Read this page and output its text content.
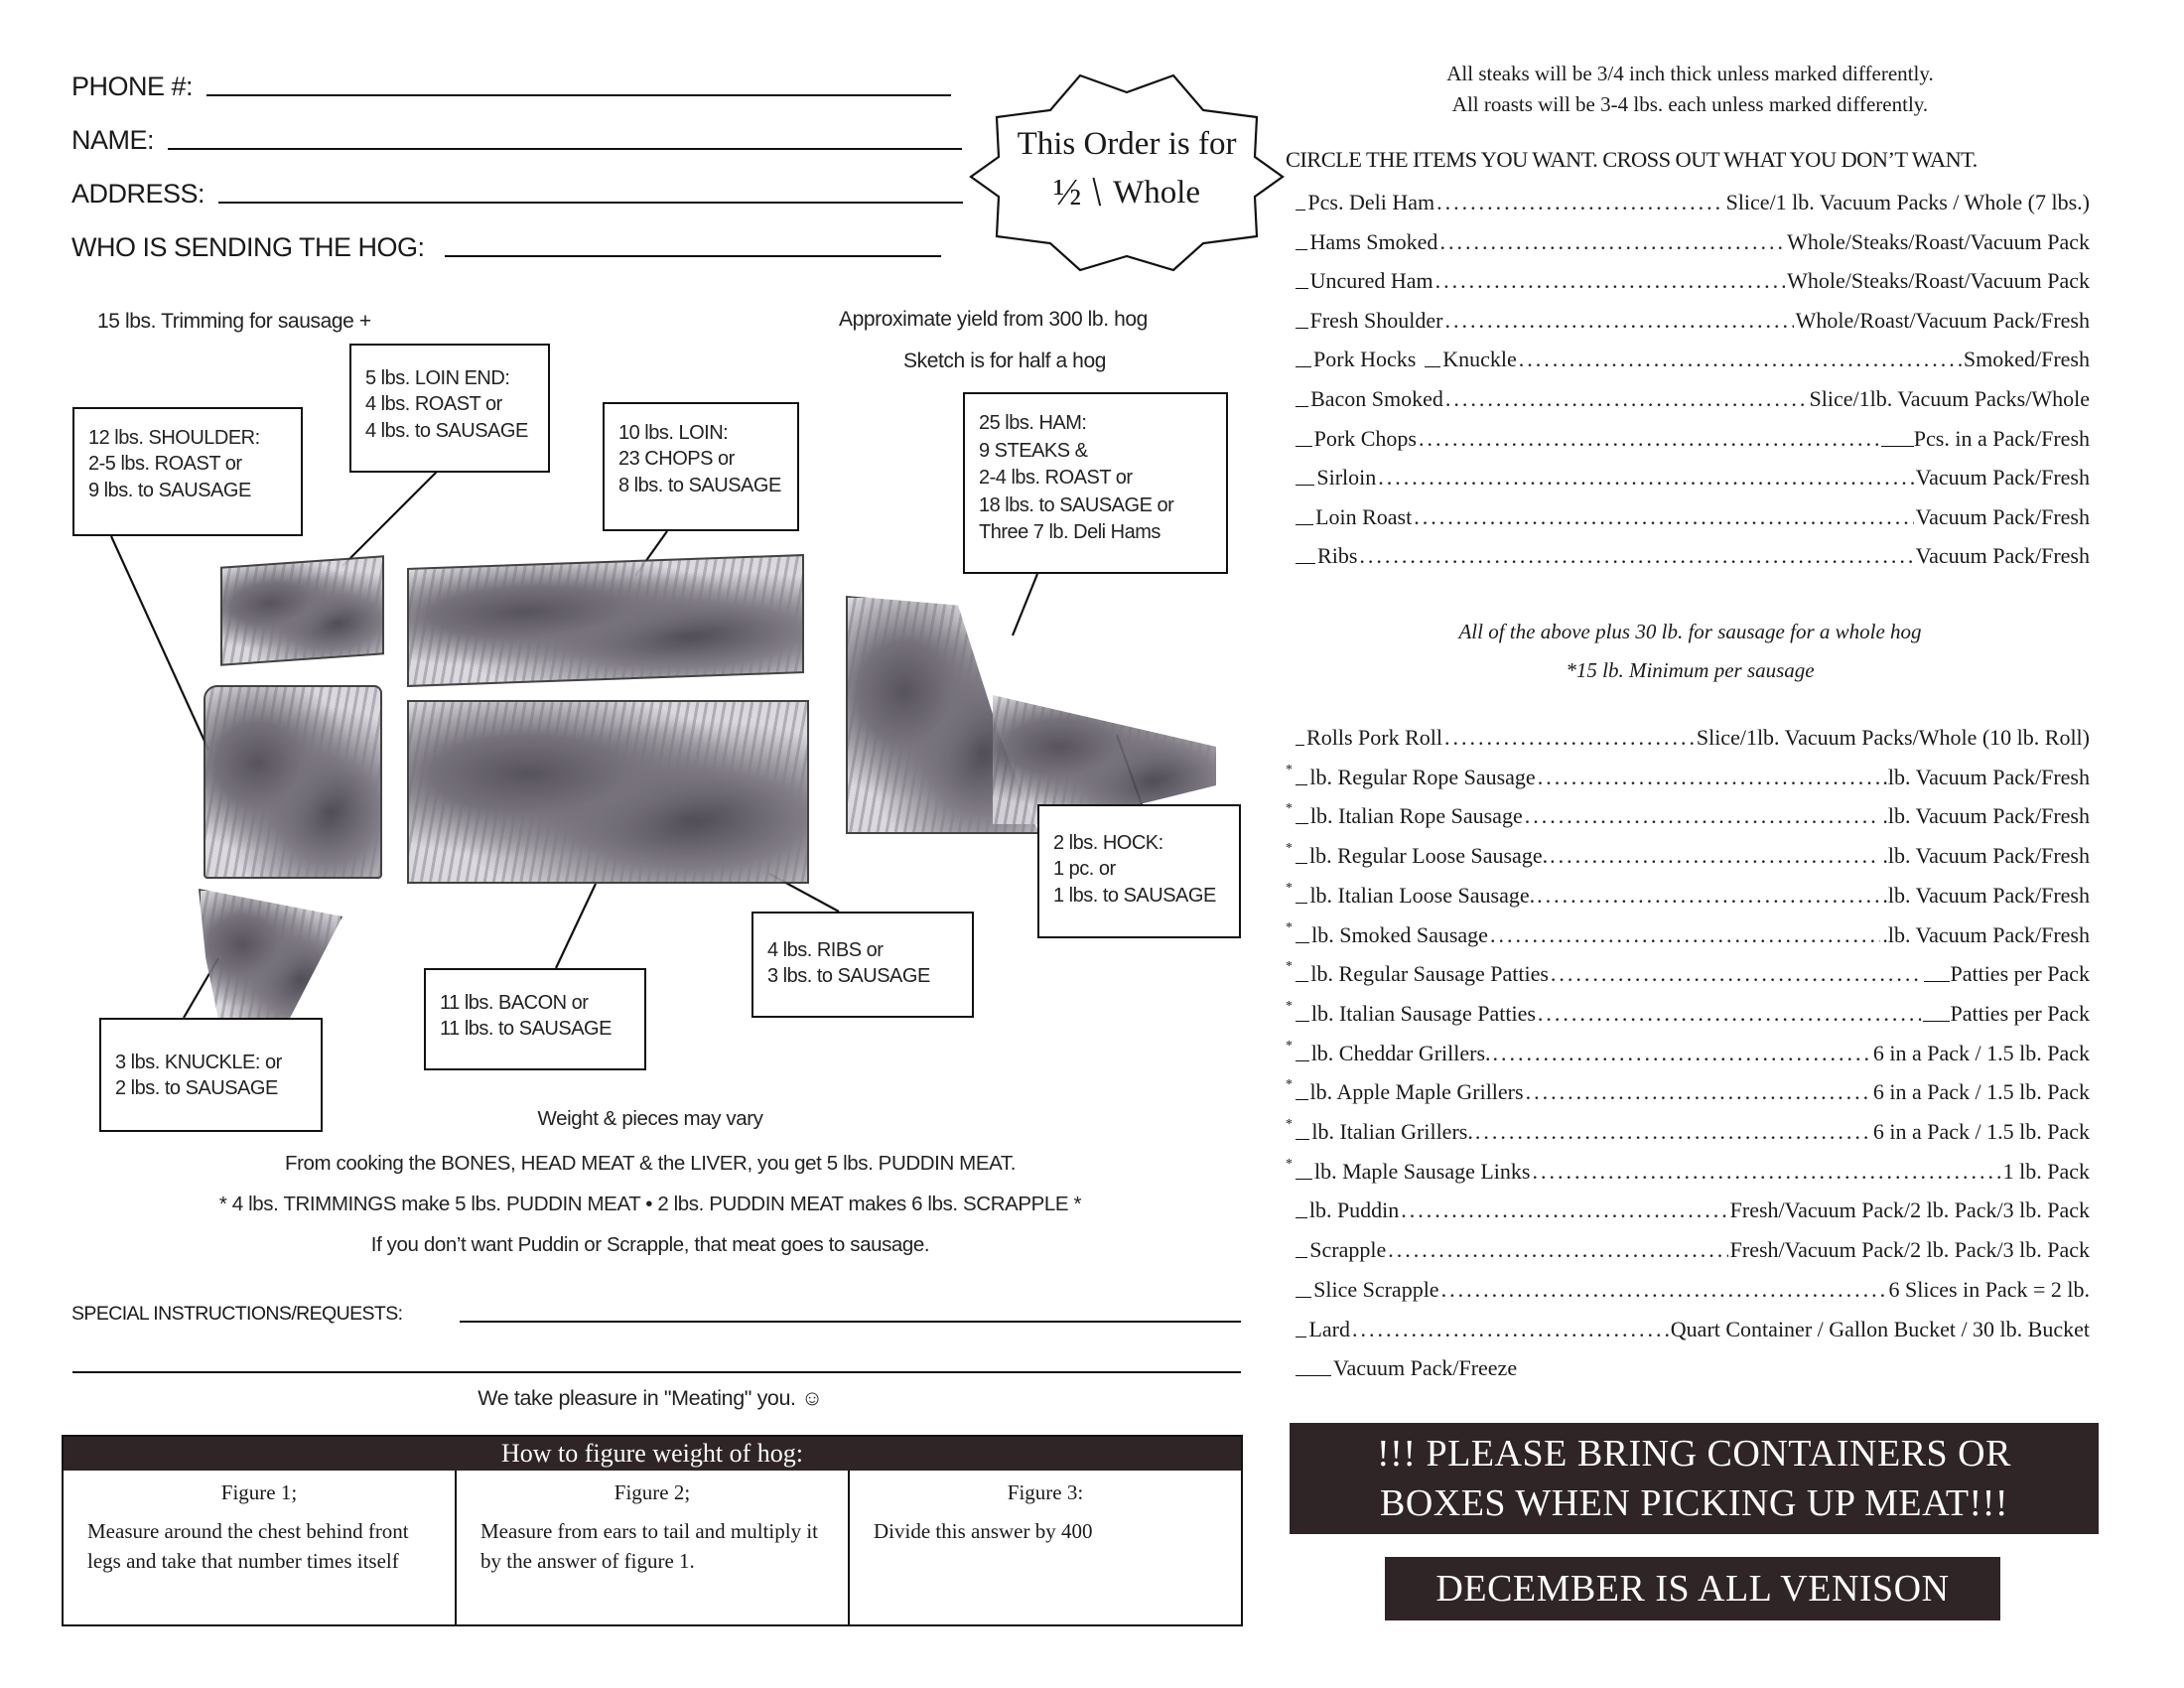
PHONE #:
NAME:
ADDRESS:
WHO IS SENDING THE HOG:
This Order is for
½ \ Whole
All steaks will be 3/4 inch thick unless marked differently.
All roasts will be 3-4 lbs. each unless marked differently.
CIRCLE THE ITEMS YOU WANT. CROSS OUT WHAT YOU DON’T WANT.
Pcs. Deli Ham .....	Slice/1 lb. Vacuum Packs / Whole (7 lbs.)
Hams Smoked .....	Whole/Steaks/Roast/Vacuum Pack
Uncured Ham .....	Whole/Steaks/Roast/Vacuum Pack
Fresh Shoulder .....	Whole/Roast/Vacuum Pack/Fresh
Pork Hocks Knuckle .....	Smoked/Fresh
Bacon Smoked .....	Slice/1lb. Vacuum Packs/Whole
Pork Chops .....	Pcs. in a Pack/Fresh
Sirloin .....	Vacuum Pack/Fresh
Loin Roast .....	Vacuum Pack/Fresh
Ribs .....	Vacuum Pack/Fresh
All of the above plus 30 lb. for sausage for a whole hog
*15 lb. Minimum per sausage
Rolls Pork Roll .....	Slice/1lb. Vacuum Packs/Whole (10 lb. Roll)
* lb. Regular Rope Sausage .....	.lb. Vacuum Pack/Fresh
* lb. Italian Rope Sausage .....	.lb. Vacuum Pack/Fresh
* lb. Regular Loose Sausage. .....	.lb. Vacuum Pack/Fresh
* lb. Italian Loose Sausage. .....	.lb. Vacuum Pack/Fresh
* lb. Smoked Sausage .....	.lb. Vacuum Pack/Fresh
* lb. Regular Sausage Patties .....	Patties per Pack
* lb. Italian Sausage Patties .....	Patties per Pack
* lb. Cheddar Grillers. .....	6 in a Pack / 1.5 lb. Pack
* lb. Apple Maple Grillers .....	6 in a Pack / 1.5 lb. Pack
* lb. Italian Grillers. .....	6 in a Pack / 1.5 lb. Pack
* lb. Maple Sausage Links .....	1 lb. Pack
lb. Puddin .....	Fresh/Vacuum Pack/2 lb. Pack/3 lb. Pack
Scrapple .....	Fresh/Vacuum Pack/2 lb. Pack/3 lb. Pack
Slice Scrapple .....	6 Slices in Pack = 2 lb.
Lard .....	Quart Container / Gallon Bucket / 30 lb. Bucket
Vacuum Pack/Freeze
!!! PLEASE BRING CONTAINERS OR
BOXES WHEN PICKING UP MEAT!!!
DECEMBER IS ALL VENISON
15 lbs. Trimming for sausage +	Approximate yield from 300 lb. hog
Sketch is for half a hog
12 lbs. SHOULDER:
2-5 lbs. ROAST or
9 lbs. to SAUSAGE
5 lbs. LOIN END:
4 lbs. ROAST or
4 lbs. to SAUSAGE	10 lbs. LOIN:
23 CHOPS or
8 lbs. to SAUSAGE
25 lbs. HAM:
9 STEAKS &
2-4 lbs. ROAST or
18 lbs. to SAUSAGE or
Three 7 lb. Deli Hams
2 lbs. HOCK:
1 pc. or
1 lbs. to SAUSAGE
4 lbs. RIBS or
3 lbs. to SAUSAGE
11 lbs. BACON or
11 lbs. to SAUSAGE
3 lbs. KNUCKLE: or
2 lbs. to SAUSAGE
Weight & pieces may vary
From cooking the BONES, HEAD MEAT & the LIVER, you get 5 lbs. PUDDIN MEAT.
* 4 lbs. TRIMMINGS make 5 lbs. PUDDIN MEAT • 2 lbs. PUDDIN MEAT makes 6 lbs. SCRAPPLE *
If you don’t want Puddin or Scrapple, that meat goes to sausage.
SPECIAL INSTRUCTIONS/REQUESTS:
We take pleasure in "Meating" you. ☺
How to figure weight of hog:
Figure 1;
Measure around the chest behind front legs and take that number times itself
Figure 2;
Measure from ears to tail and multiply it by the answer of figure 1.
Figure 3:
Divide this answer by 400
